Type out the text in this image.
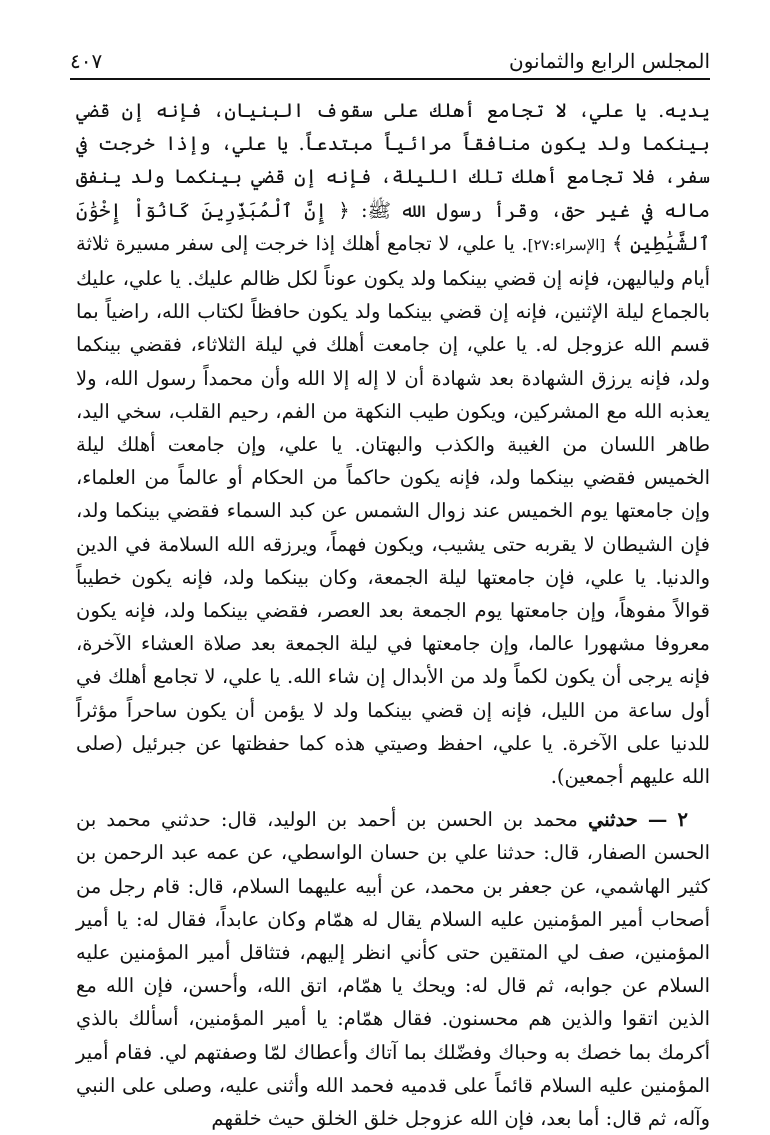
المجلس الرابع والثمانون
٤٠٧

يديه. يا علي، لا تجامع أهلك على سقوف البنيان، فإنه إن قضي بينكما ولد يكون منافقاً مرائياً مبتدعاً. يا علي، وإذا خرجت في سفر، فلا تجامع أهلك تلك الليلة، فإنه إن قضي بينكما ولد ينفق ماله في غير حق، وقرأ رسول الله ﷺ: ﴿ إِنَّ ٱلْمُبَذِّرِينَ كَانُوٓاْ إِخْوَٰنَ ٱلشَّيَٰطِينِ ﴾ [الإسراء:٢٧]. يا علي، لا تجامع أهلك إذا خرجت إلى سفر مسيرة ثلاثة أيام ولياليهن، فإنه إن قضي بينكما ولد يكون عوناً لكل ظالم عليك. يا علي، عليك بالجماع ليلة الإثنين، فإنه إن قضي بينكما ولد يكون حافظاً لكتاب الله، راضياً بما قسم الله عزوجل له. يا علي، إن جامعت أهلك في ليلة الثلاثاء، فقضي بينكما ولد، فإنه يرزق الشهادة بعد شهادة أن لا إله إلا الله وأن محمداً رسول الله، ولا يعذبه الله مع المشركين، ويكون طيب النكهة من الفم، رحيم القلب، سخي اليد، طاهر اللسان من الغيبة والكذب والبهتان. يا علي، وإن جامعت أهلك ليلة الخميس فقضي بينكما ولد، فإنه يكون حاكماً من الحكام أو عالماً من العلماء، وإن جامعتها يوم الخميس عند زوال الشمس عن كبد السماء فقضي بينكما ولد، فإن الشيطان لا يقربه حتى يشيب، ويكون فهماً، ويرزقه الله السلامة في الدين والدنيا. يا علي، فإن جامعتها ليلة الجمعة، وكان بينكما ولد، فإنه يكون خطيباً قوالاً مفوهاً، وإن جامعتها يوم الجمعة بعد العصر، فقضي بينكما ولد، فإنه يكون معروفا مشهورا عالما، وإن جامعتها في ليلة الجمعة بعد صلاة العشاء الآخرة، فإنه يرجى أن يكون لكماً ولد من الأبدال إن شاء الله. يا علي، لا تجامع أهلك في أول ساعة من الليل، فإنه إن قضي بينكما ولد لا يؤمن أن يكون ساحراً مؤثراً للدنيا على الآخرة. يا علي، احفظ وصيتي هذه كما حفظتها عن جبرئيل (صلى الله عليهم أجمعين).

٢ — حدثني محمد بن الحسن بن أحمد بن الوليد، قال: حدثني محمد بن الحسن الصفار، قال: حدثنا علي بن حسان الواسطي، عن عمه عبد الرحمن بن كثير الهاشمي، عن جعفر بن محمد، عن أبيه عليهما السلام، قال: قام رجل من أصحاب أمير المؤمنين عليه السلام يقال له همّام وكان عابداً، فقال له: يا أمير المؤمنين، صف لي المتقين حتى كأني انظر إليهم، فتثاقل أمير المؤمنين عليه السلام عن جوابه، ثم قال له: ويحك يا همّام، اتق الله، وأحسن، فإن الله مع الذين اتقوا والذين هم محسنون. فقال همّام: يا أمير المؤمنين، أسألك بالذي أكرمك بما خصك به وحباك وفضّلك بما آتاك وأعطاك لمّا وصفتهم لي. فقام أمير المؤمنين عليه السلام قائماً على قدميه فحمد الله وأثنى عليه، وصلى على النبي وآله، ثم قال: أما بعد، فإن الله عزوجل خلق الخلق حيث خلقهم
